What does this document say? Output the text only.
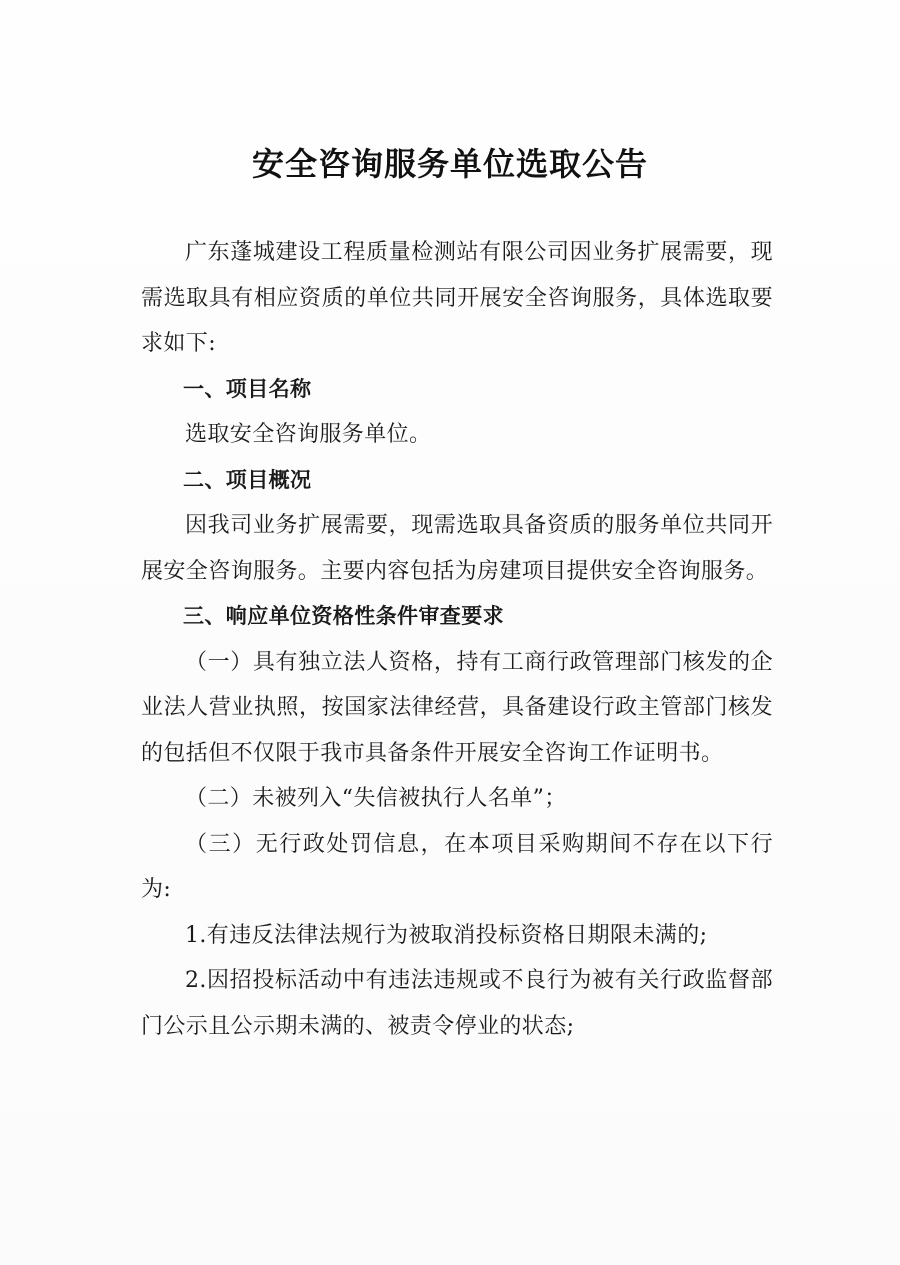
安全咨询服务单位选取公告

广东蓬城建设工程质量检测站有限公司因业务扩展需要，现需选取具有相应资质的单位共同开展安全咨询服务，具体选取要求如下:

一、项目名称

选取安全咨询服务单位。

二、项目概况

因我司业务扩展需要，现需选取具备资质的服务单位共同开展安全咨询服务。主要内容包括为房建项目提供安全咨询服务。

三、响应单位资格性条件审查要求

（一）具有独立法人资格，持有工商行政管理部门核发的企业法人营业执照，按国家法律经营，具备建设行政主管部门核发的包括但不仅限于我市具备条件开展安全咨询工作证明书。

（二）未被列入“失信被执行人名单”；

（三）无行政处罚信息，在本项目采购期间不存在以下行为:

1.有违反法律法规行为被取消投标资格日期限未满的;

2.因招投标活动中有违法违规或不良行为被有关行政监督部门公示且公示期未满的、被责令停业的状态;
